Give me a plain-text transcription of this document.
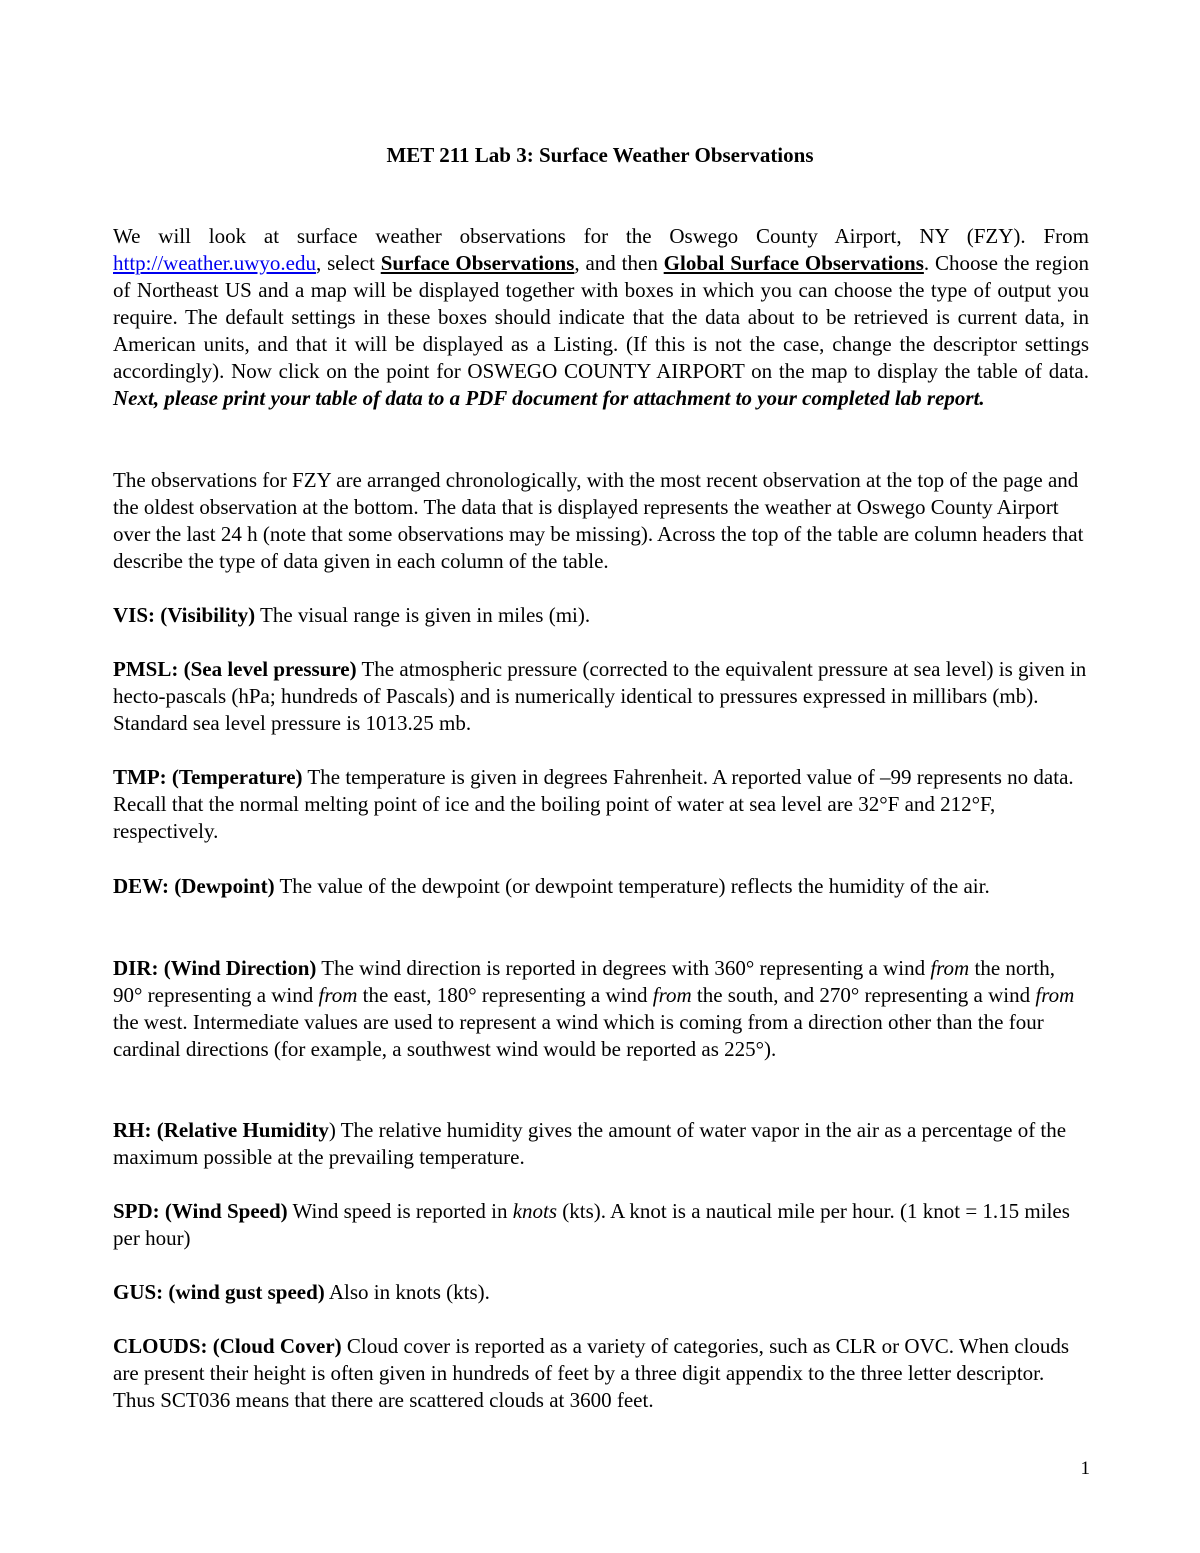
MET 211 Lab 3: Surface Weather Observations

We will look at surface weather observations for the Oswego County Airport, NY (FZY). From http://weather.uwyo.edu, select Surface Observations, and then Global Surface Observations. Choose the region of Northeast US and a map will be displayed together with boxes in which you can choose the type of output you require. The default settings in these boxes should indicate that the data about to be retrieved is current data, in American units, and that it will be displayed as a Listing. (If this is not the case, change the descriptor settings accordingly). Now click on the point for OSWEGO COUNTY AIRPORT on the map to display the table of data. Next, please print your table of data to a PDF document for attachment to your completed lab report.

The observations for FZY are arranged chronologically, with the most recent observation at the top of the page and the oldest observation at the bottom. The data that is displayed represents the weather at Oswego County Airport over the last 24 h (note that some observations may be missing). Across the top of the table are column headers that describe the type of data given in each column of the table.

VIS: (Visibility) The visual range is given in miles (mi).

PMSL: (Sea level pressure) The atmospheric pressure (corrected to the equivalent pressure at sea level) is given in hecto-pascals (hPa; hundreds of Pascals) and is numerically identical to pressures expressed in millibars (mb). Standard sea level pressure is 1013.25 mb.

TMP: (Temperature) The temperature is given in degrees Fahrenheit. A reported value of –99 represents no data. Recall that the normal melting point of ice and the boiling point of water at sea level are 32°F and 212°F, respectively.

DEW: (Dewpoint) The value of the dewpoint (or dewpoint temperature) reflects the humidity of the air.

DIR: (Wind Direction) The wind direction is reported in degrees with 360° representing a wind from the north, 90° representing a wind from the east, 180° representing a wind from the south, and 270° representing a wind from the west. Intermediate values are used to represent a wind which is coming from a direction other than the four cardinal directions (for example, a southwest wind would be reported as 225°).

RH: (Relative Humidity) The relative humidity gives the amount of water vapor in the air as a percentage of the maximum possible at the prevailing temperature.

SPD: (Wind Speed) Wind speed is reported in knots (kts). A knot is a nautical mile per hour. (1 knot = 1.15 miles per hour)

GUS: (wind gust speed) Also in knots (kts).

CLOUDS: (Cloud Cover) Cloud cover is reported as a variety of categories, such as CLR or OVC. When clouds are present their height is often given in hundreds of feet by a three digit appendix to the three letter descriptor. Thus SCT036 means that there are scattered clouds at 3600 feet.

1
